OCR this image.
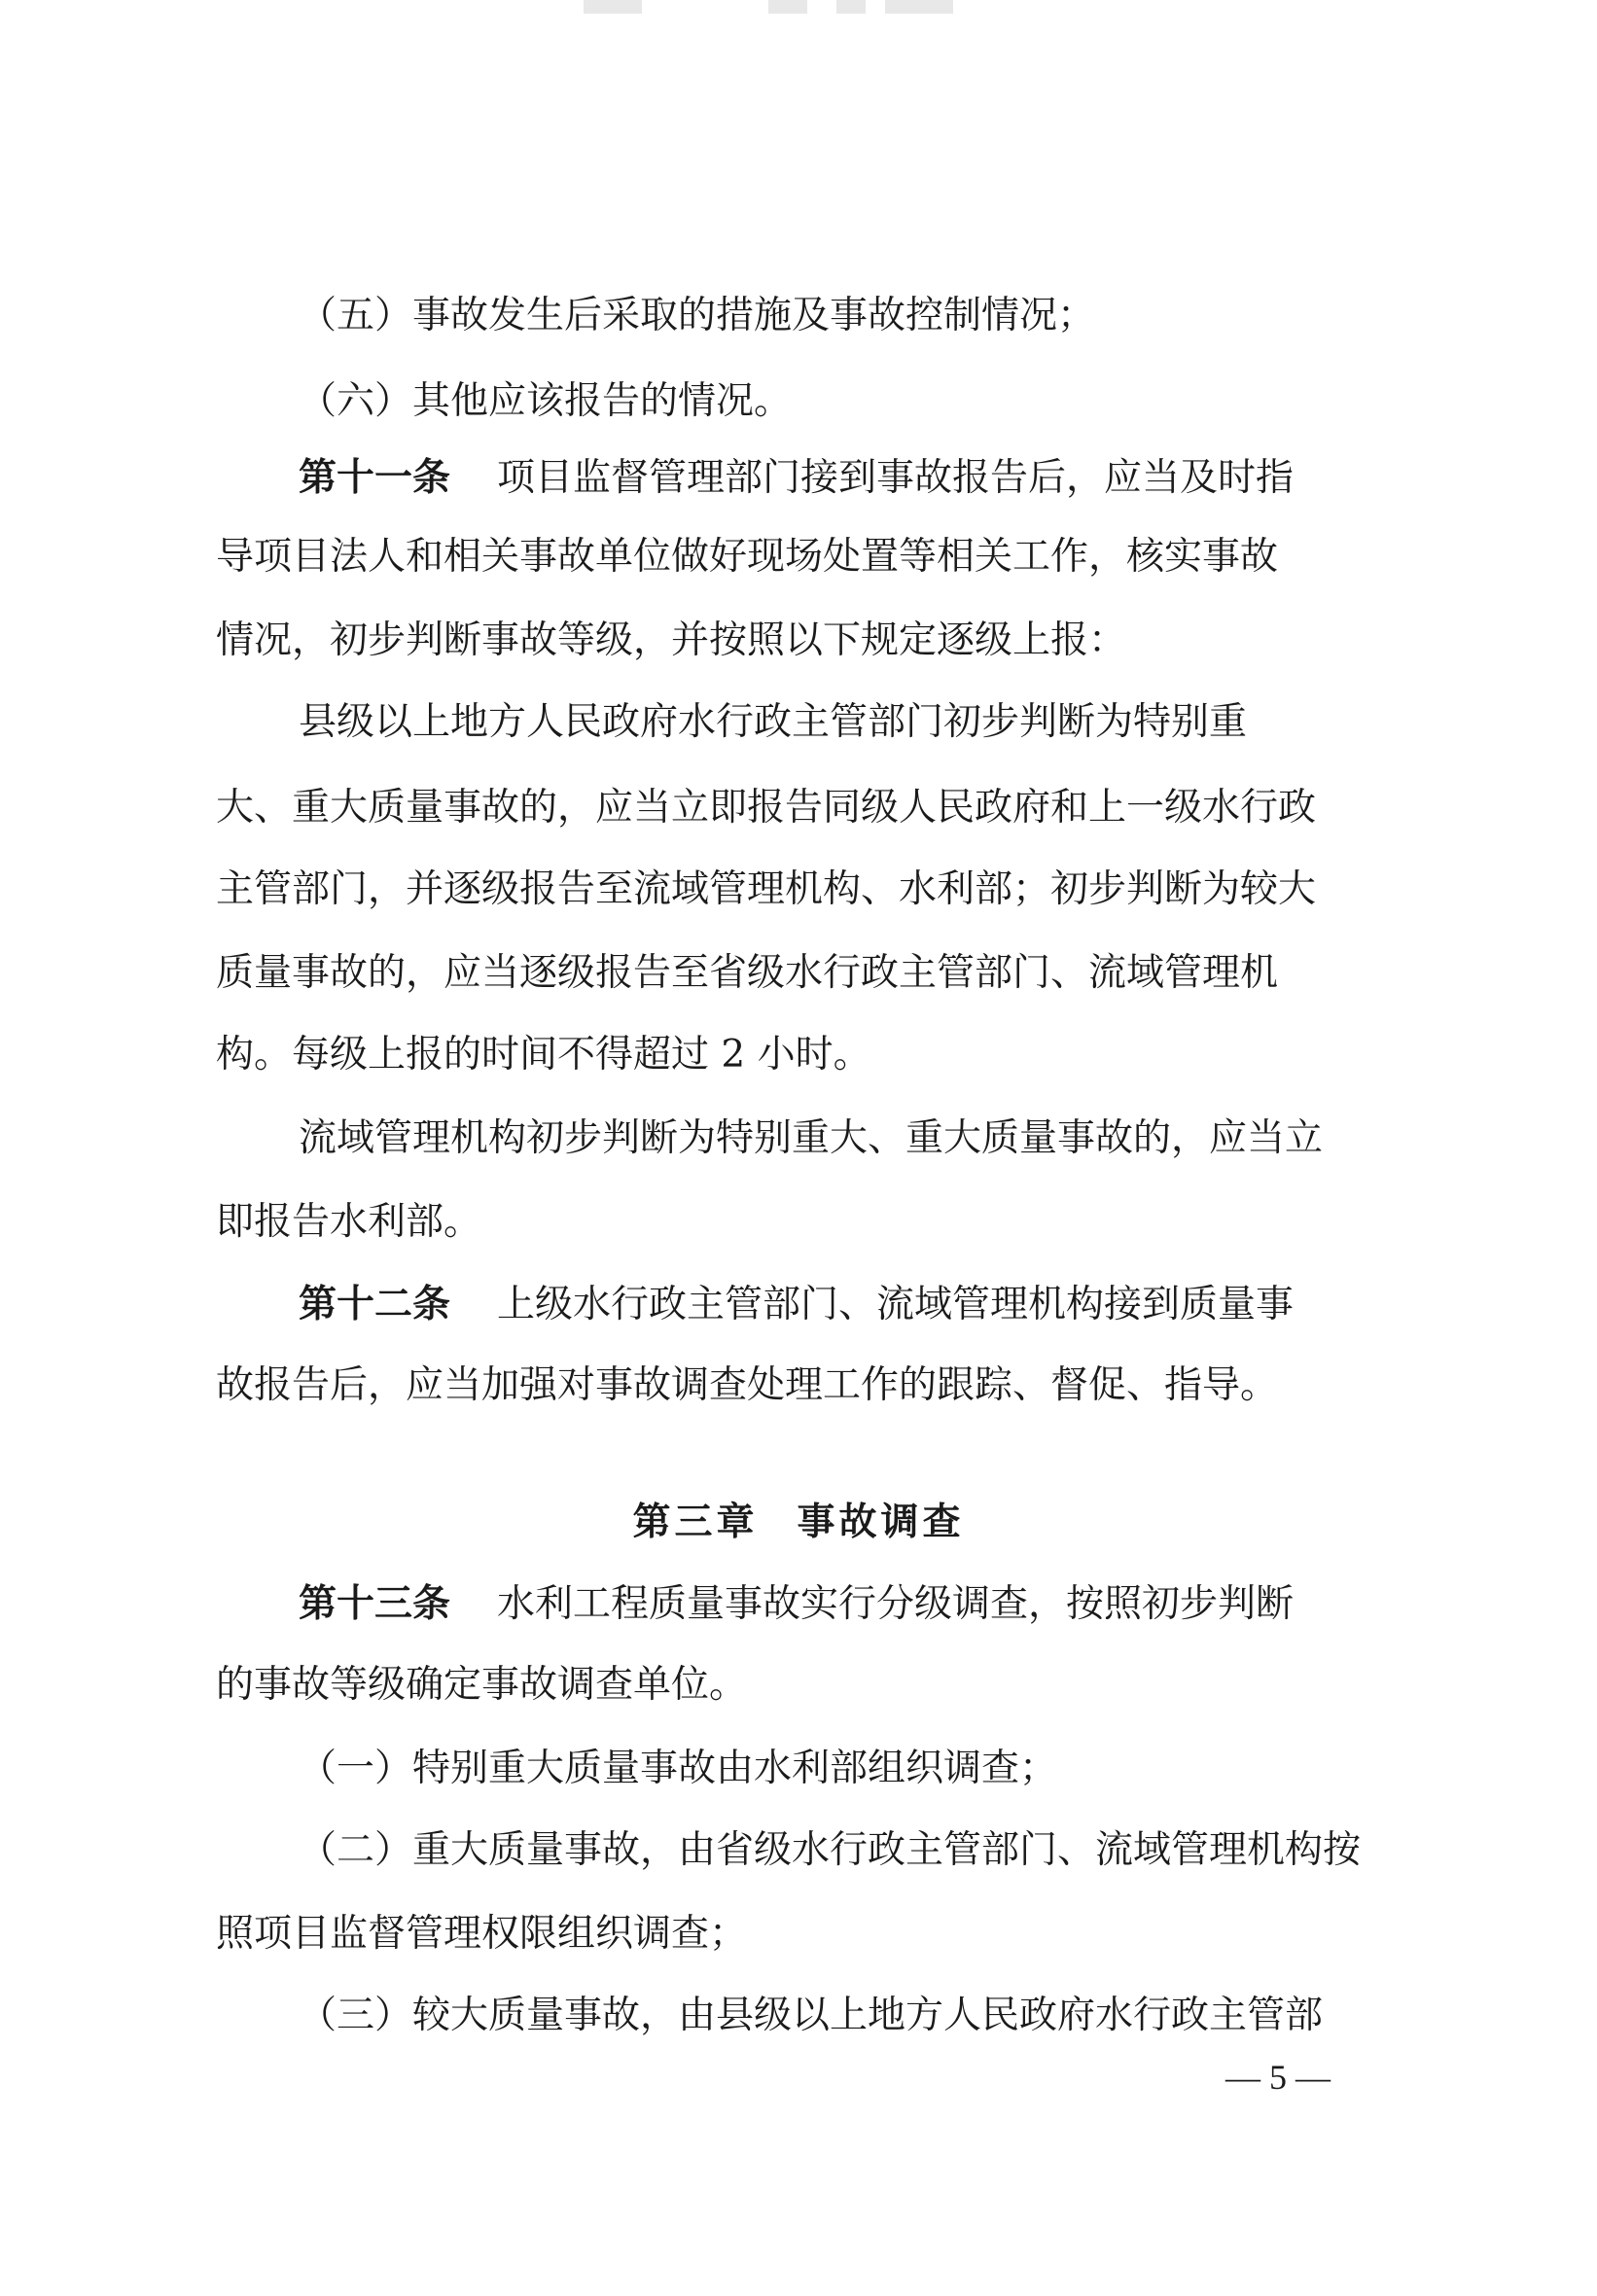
（五）事故发生后采取的措施及事故控制情况；
（六）其他应该报告的情况。
第十一条 项目监督管理部门接到事故报告后，应当及时指
导项目法人和相关事故单位做好现场处置等相关工作，核实事故
情况，初步判断事故等级，并按照以下规定逐级上报：
县级以上地方人民政府水行政主管部门初步判断为特别重
大、重大质量事故的，应当立即报告同级人民政府和上一级水行政
主管部门，并逐级报告至流域管理机构、水利部；初步判断为较大
质量事故的，应当逐级报告至省级水行政主管部门、流域管理机
构。每级上报的时间不得超过 2 小时。
流域管理机构初步判断为特别重大、重大质量事故的，应当立
即报告水利部。
第十二条 上级水行政主管部门、流域管理机构接到质量事
故报告后，应当加强对事故调查处理工作的跟踪、督促、指导。
第三章 事故调查
第十三条 水利工程质量事故实行分级调查，按照初步判断
的事故等级确定事故调查单位。
（一）特别重大质量事故由水利部组织调查；
（二）重大质量事故，由省级水行政主管部门、流域管理机构按
照项目监督管理权限组织调查；
（三）较大质量事故，由县级以上地方人民政府水行政主管部
— 5 —
